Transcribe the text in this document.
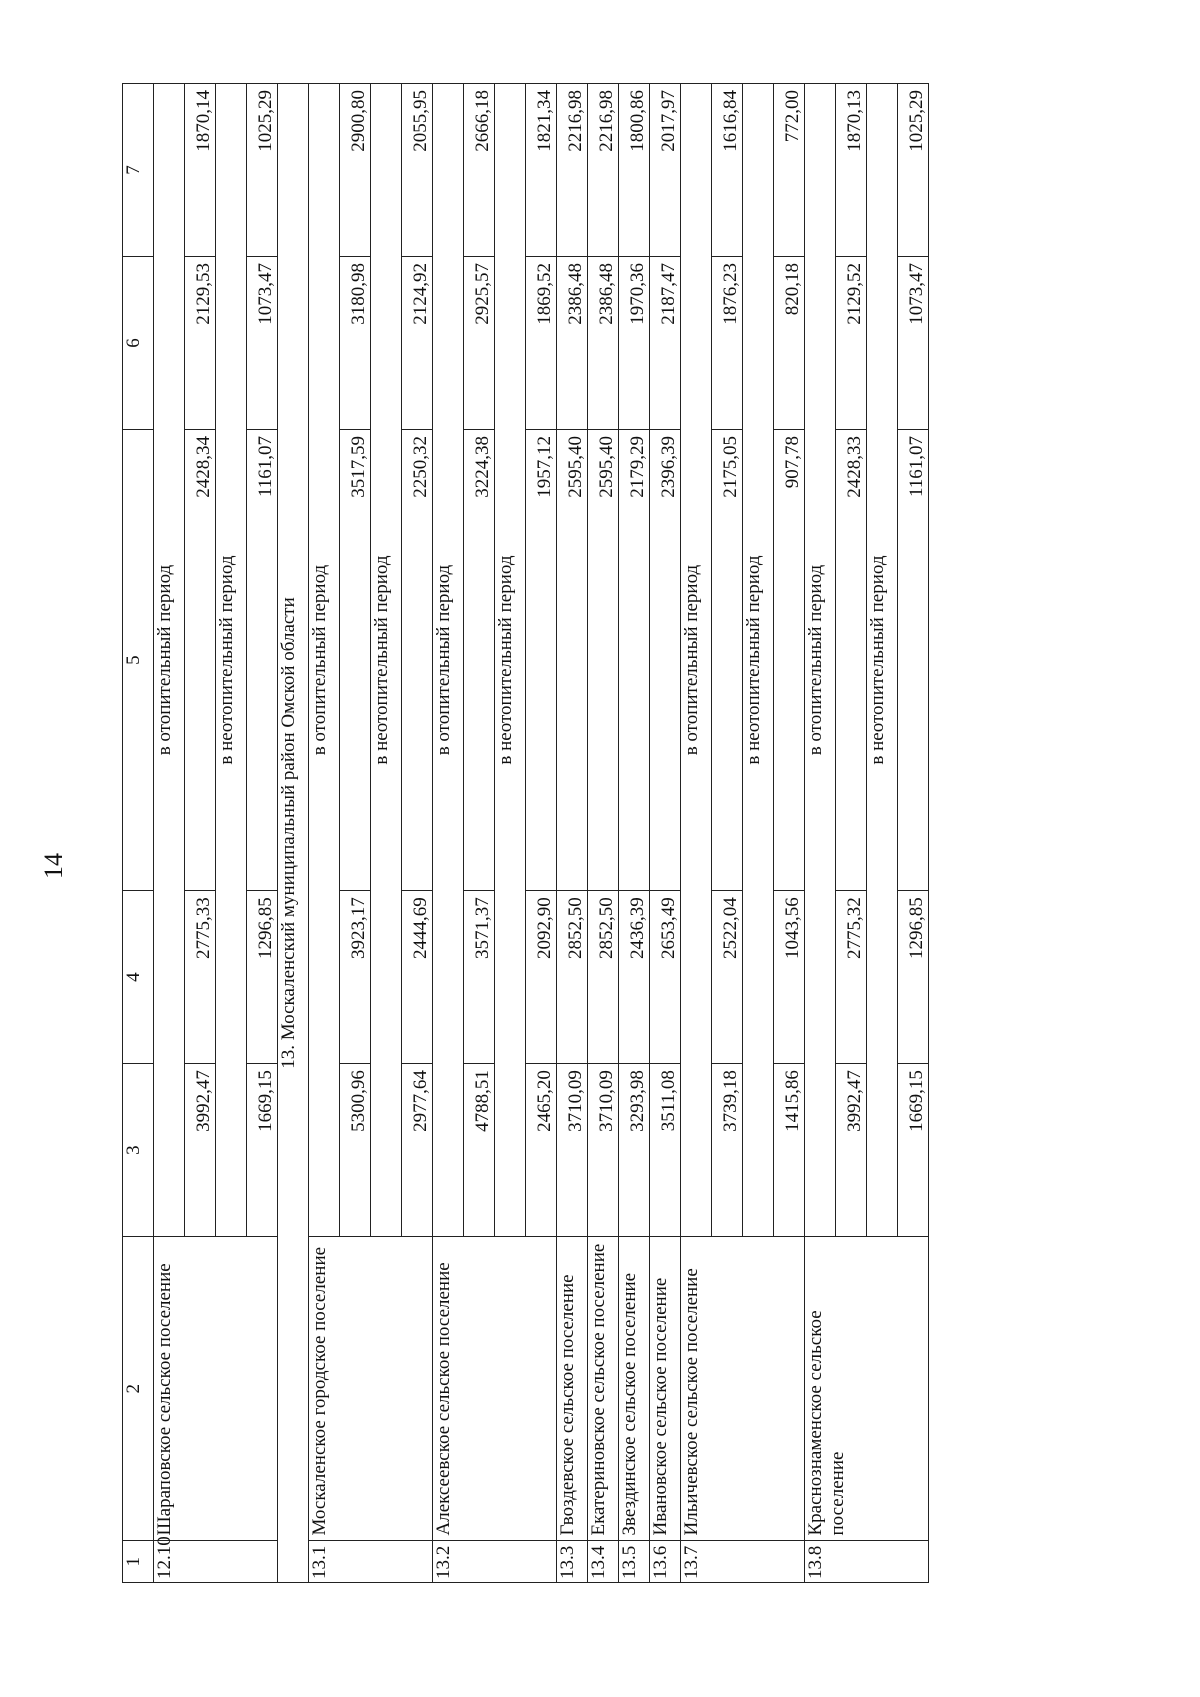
14
1	2	3	4	5	6	7
12.10	Шараповское сельское поселение	в отопительный период				
		3992,47	2775,33	2428,34	2129,53	1870,14
		в неотопительный период				
		1669,15	1296,85	1161,07	1073,47	1025,29
13. Москаленский муниципальный район Омской области						
13.1	Москаленское городское поселение	в отопительный период				
		5300,96	3923,17	3517,59	3180,98	2900,80
		в неотопительный период				
		2977,64	2444,69	2250,32	2124,92	2055,95
13.2	Алексеевское сельское поселение	в отопительный период				
		4788,51	3571,37	3224,38	2925,57	2666,18
		в неотопительный период				
		2465,20	2092,90	1957,12	1869,52	1821,34
13.3	Гвоздевское сельское поселение	3710,09	2852,50	2595,40	2386,48	2216,98
13.4	Екатериновское сельское поселение	3710,09	2852,50	2595,40	2386,48	2216,98
13.5	Звездинское сельское поселение	3293,98	2436,39	2179,29	1970,36	1800,86
13.6	Ивановское сельское поселение	3511,08	2653,49	2396,39	2187,47	2017,97
13.7	Ильичевское сельское поселение	в отопительный период				
		3739,18	2522,04	2175,05	1876,23	1616,84
		в неотопительный период				
		1415,86	1043,56	907,78	820,18	772,00
13.8	Краснознаменское сельское поселение	в отопительный период				
		3992,47	2775,32	2428,33	2129,52	1870,13
		в неотопительный период				
		1669,15	1296,85	1161,07	1073,47	1025,29
